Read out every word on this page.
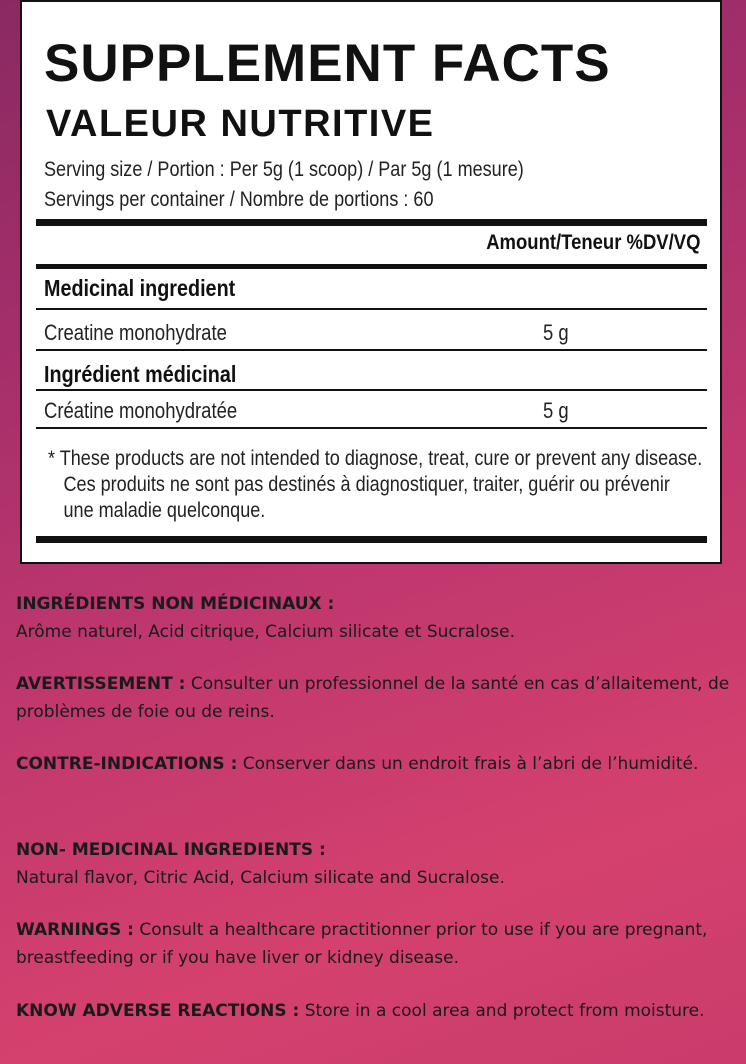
SUPPLEMENT FACTS
VALEUR NUTRITIVE
Serving size / Portion : Per 5g (1 scoop) / Par 5g (1 mesure)
Servings per container / Nombre de portions : 60
Amount/Teneur %DV/VQ
Medicinal ingredient
Creatine monohydrate	5 g
Ingrédient médicinal
Créatine monohydratée	5 g
* These products are not intended to diagnose, treat, cure or prevent any disease.
Ces produits ne sont pas destinés à diagnostiquer, traiter, guérir ou prévenir
une maladie quelconque.

INGRÉDIENTS NON MÉDICINAUX :
Arôme naturel, Acid citrique, Calcium silicate et Sucralose.

AVERTISSEMENT : Consulter un professionnel de la santé en cas d’allaitement, de problèmes de foie ou de reins.

CONTRE-INDICATIONS : Conserver dans un endroit frais à l’abri de l’humidité.

NON- MEDICINAL INGREDIENTS :
Natural flavor, Citric Acid, Calcium silicate and Sucralose.

WARNINGS : Consult a healthcare practitionner prior to use if you are pregnant, breastfeeding or if you have liver or kidney disease.

KNOW ADVERSE REACTIONS : Store in a cool area and protect from moisture.
